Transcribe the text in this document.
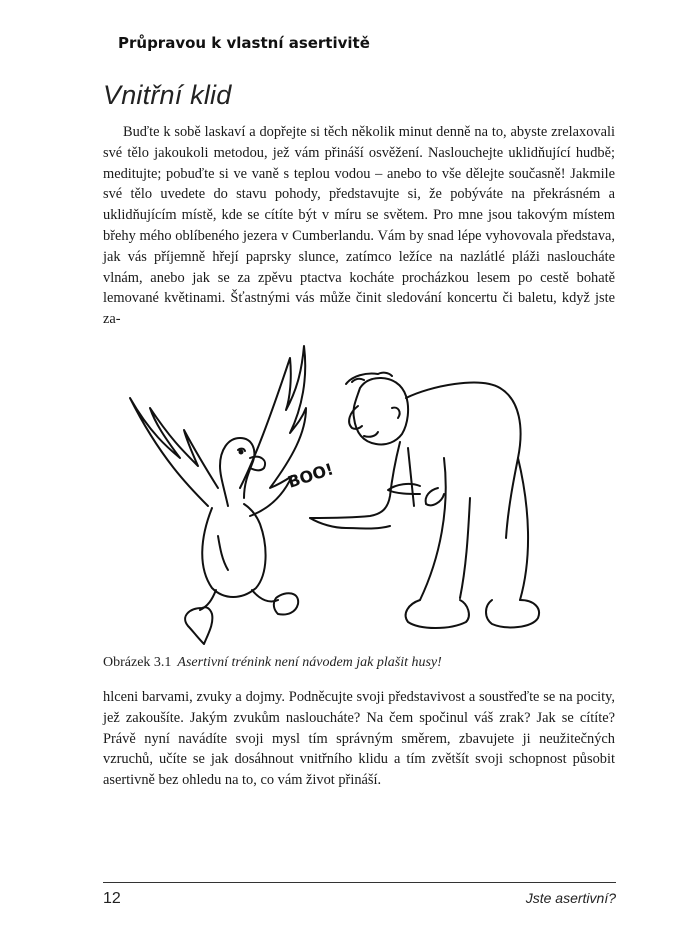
Průpravou k vlastní asertivitě
Vnitřní klid

Buďte k sobě laskaví a dopřejte si těch několik minut denně na to, abyste zrelaxovali své tělo jakoukoli metodou, jež vám přináší osvěžení. Naslouchejte uklidňující hudbě; meditujte; pobuďte si ve vaně s teplou vodou – anebo to vše dělejte současně! Jakmile své tělo uvedete do stavu pohody, představujte si, že pobýváte na překrásném a uklidňujícím místě, kde se cítíte být v míru se světem. Pro mne jsou takovým místem břehy mého oblíbeného jezera v Cumberlandu. Vám by snad lépe vyhovovala představa, jak vás příjemně hřejí paprsky slunce, zatímco ležíce na nazlátlé pláži nasloucháte vlnám, anebo jak se za zpěvu ptactva kocháte procházkou lesem po cestě bohatě lemované květinami. Šťastnými vás může činit sledování koncertu či baletu, když jste za-

BOO!
Obrázek 3.1 Asertivní trénink není návodem jak plašit husy!

hlceni barvami, zvuky a dojmy. Podněcujte svoji představivost a soustřeďte se na pocity, jež zakoušíte. Jakým zvukům nasloucháte? Na čem spočinul váš zrak? Jak se cítíte? Právě nyní navádíte svoji mysl tím správným směrem, zbavujete ji neužitečných vzruchů, učíte se jak dosáhnout vnitřního klidu a tím zvětšít svoji schopnost působit asertivně bez ohledu na to, co vám život přináší.

12	Jste asertivní?
